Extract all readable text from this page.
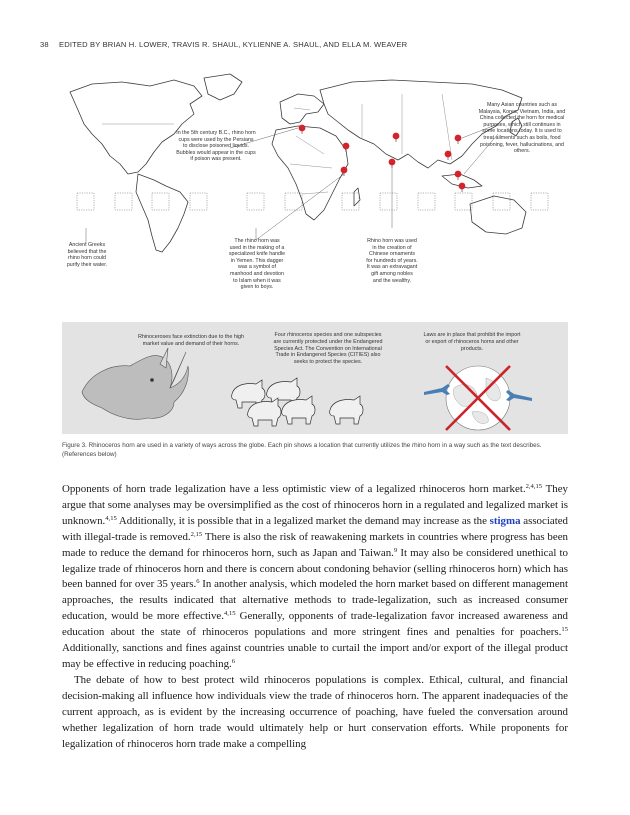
38 EDITED BY BRIAN H. LOWER, TRAVIS R. SHAUL, KYLIENNE A. SHAUL, AND ELLA M. WEAVER
In the 5th century B.C., rhino horn cups were used by the Persians to disclose poisoned liquids. Bubbles would appear in the cups if poison was present.
Many Asian countries such as Malaysia, Korea, Vietnam, India, and China collected the horn for medical purposes, which still continues in some locations today. It is used to treat ailments such as boils, food poisoning, fever, hallucinations, and others.
Ancient Greeks believed that the rhino horn could purify their water.
The rhino horn was used in the making of a specialized knife handle in Yemen. This dagger was a symbol of manhood and devotion to Islam when it was given to boys.
Rhino horn was used in the creation of Chinese ornaments for hundreds of years. It was an extravagant gift among nobles and the wealthy.
Rhinoceroses face extinction due to the high market value and demand of their horns.
Four rhinoceros species and one subspecies are currently protected under the Endangered Species Act. The Convention on International Trade in Endangered Species (CITIES) also seeks to protect the species.
Laws are in place that prohibit the import or export of rhinoceros horns and other products.
Figure 3. Rhinoceros horn are used in a variety of ways across the globe. Each pin shows a location that currently utilizes the rhino horn in a way such as the text describes. (References below)

Opponents of horn trade legalization have a less optimistic view of a legalized rhinoceros horn market.$^{2,4,15}$ They argue that some analyses may be oversimplified as the cost of rhinoceros horn in a regulated and legalized market is unknown.$^{4,15}$ Additionally, it is possible that in a legalized market the demand may increase as the stigma associated with illegal-trade is removed.$^{2,15}$ There is also the risk of reawakening markets in countries where progress has been made to reduce the demand for rhinoceros horn, such as Japan and Taiwan.$^9$ It may also be considered unethical to legalize trade of rhinoceros horn and there is concern about condoning behavior (selling rhinoceros horn) which has been banned for over 35 years.$^6$ In another analysis, which modeled the horn market based on different management approaches, the results indicated that alternative methods to trade-legalization, such as increased consumer education, would be more effective.$^{4,15}$ Generally, opponents of trade-legalization favor increased awareness and education about the state of rhinoceros populations and more stringent fines and penalties for poachers.$^{15}$ Additionally, sanctions and fines against countries unable to curtail the import and/or export of the illegal product may be effective in reducing poaching.$^6$

The debate of how to best protect wild rhinoceros populations is complex. Ethical, cultural, and financial decision-making all influence how individuals view the trade of rhinoceros horn. The apparent inadequacies of the current approach, as is evident by the increasing occurrence of poaching, have fueled the conversation around whether legalization of horn trade would ultimately help or hurt conservation efforts. While proponents for legalization of rhinoceros horn trade make a compelling
